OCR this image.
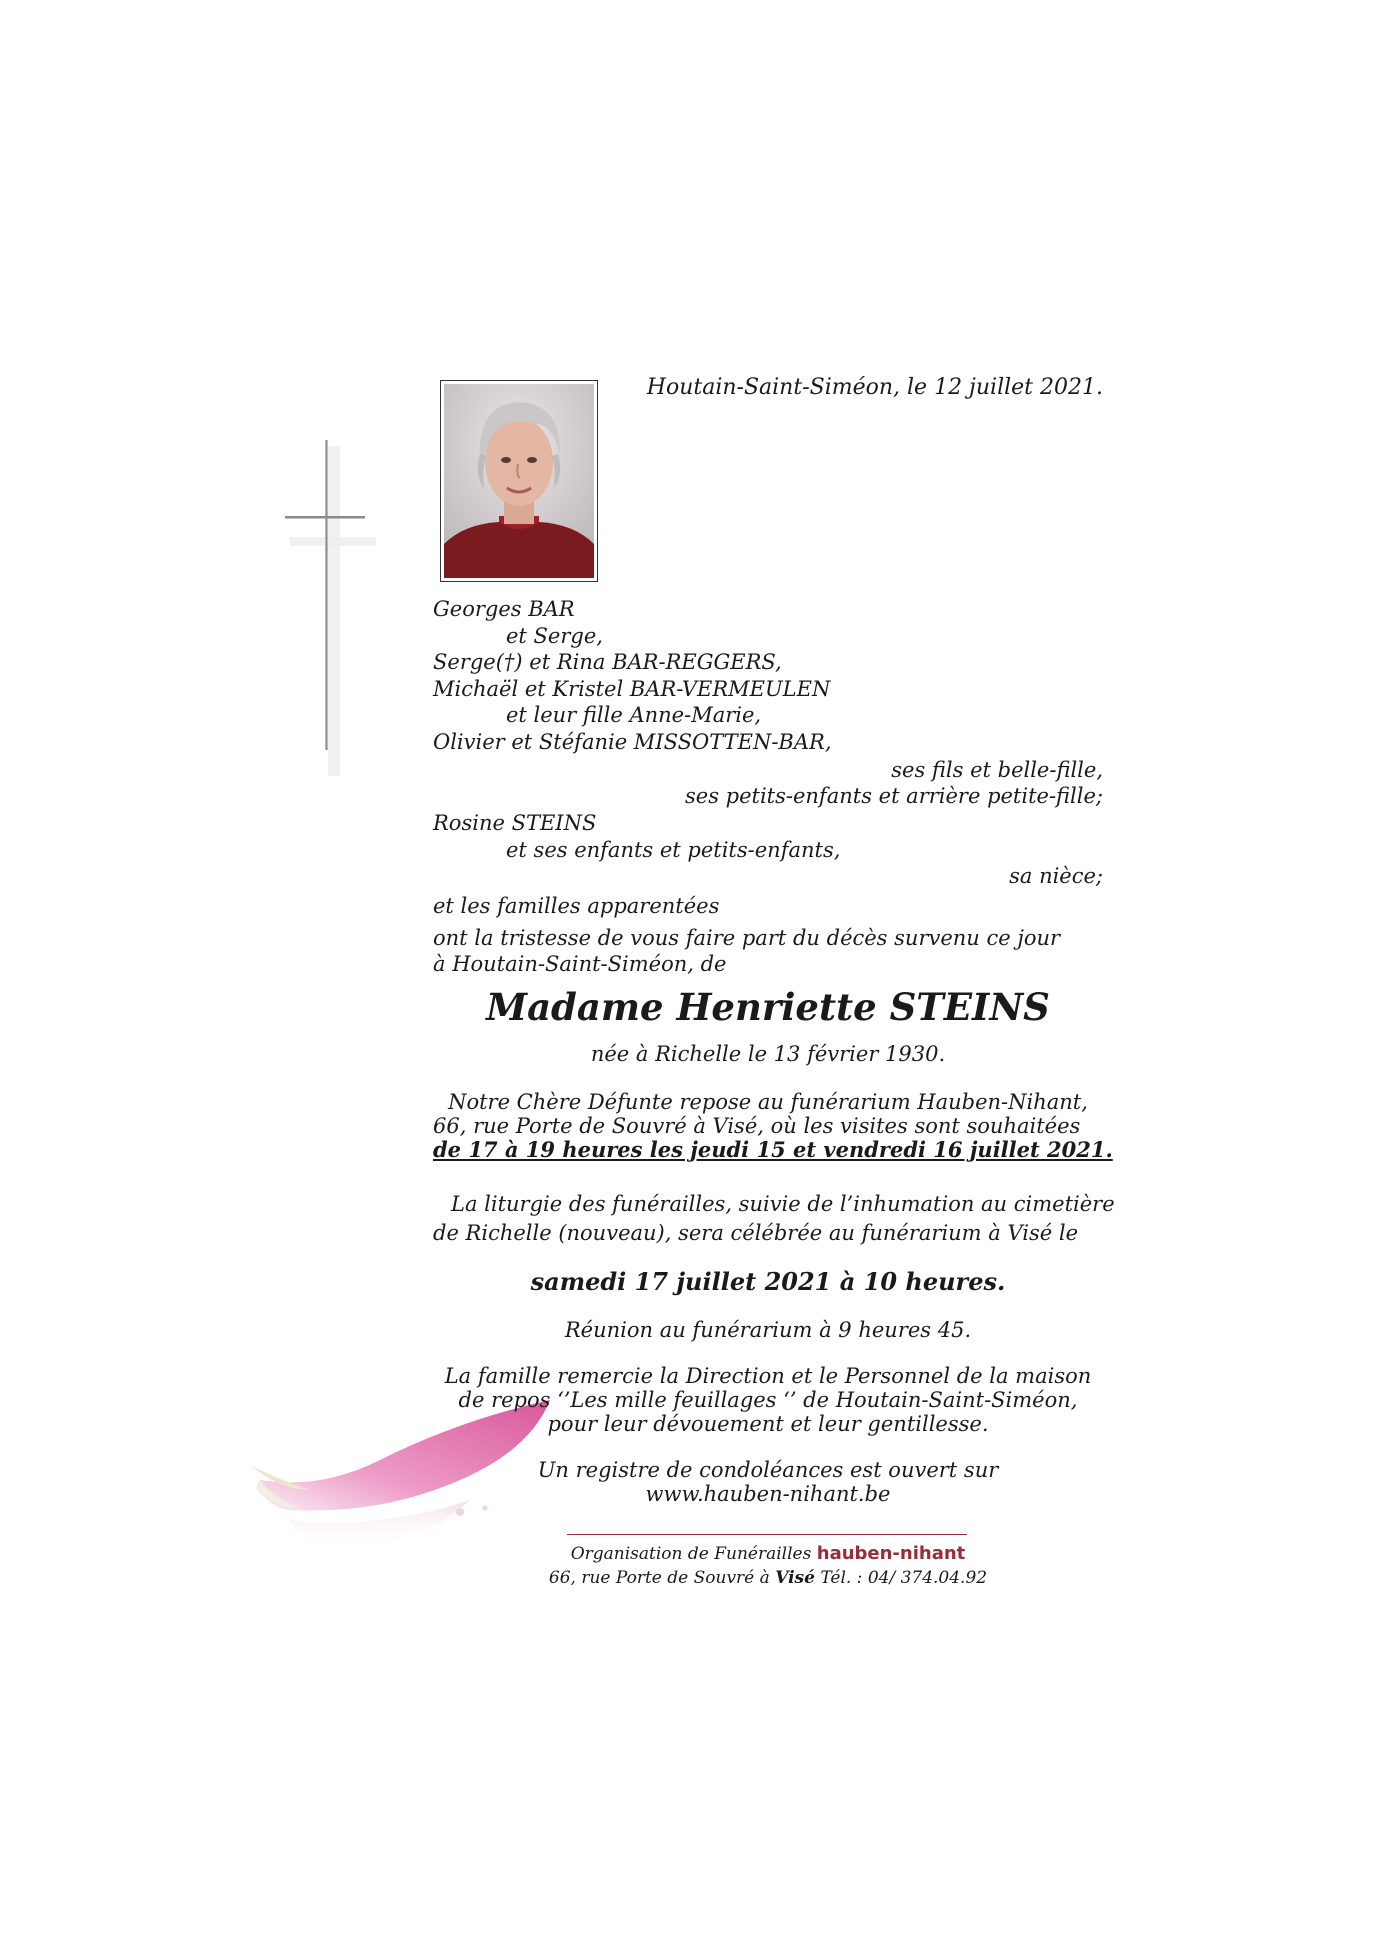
Houtain-Saint-Siméon, le 12 juillet 2021.
Georges BAR
et Serge,
Serge(†) et Rina BAR-REGGERS,
Michaël et Kristel BAR-VERMEULEN
et leur fille Anne-Marie,
Olivier et Stéfanie MISSOTTEN-BAR,
ses fils et belle-fille,
ses petits-enfants et arrière petite-fille;
Rosine STEINS
et ses enfants et petits-enfants,
sa nièce;
et les familles apparentées
ont la tristesse de vous faire part du décès survenu ce jour
à Houtain-Saint-Siméon, de
Madame Henriette STEINS
née à Richelle le 13 février 1930.
Notre Chère Défunte repose au funérarium Hauben-Nihant,
66, rue Porte de Souvré à Visé, où les visites sont souhaitées
de 17 à 19 heures les jeudi 15 et vendredi 16 juillet 2021.
La liturgie des funérailles, suivie de l’inhumation au cimetière
de Richelle (nouveau), sera célébrée au funérarium à Visé le
samedi 17 juillet 2021 à 10 heures.
Réunion au funérarium à 9 heures 45.
La famille remercie la Direction et le Personnel de la maison
de repos ‘’Les mille feuillages ‘’ de Houtain-Saint-Siméon,
pour leur dévouement et leur gentillesse.
Un registre de condoléances est ouvert sur
www.hauben-nihant.be
Organisation de Funérailles hauben-nihant
66, rue Porte de Souvré à Visé Tél. : 04/ 374.04.92
